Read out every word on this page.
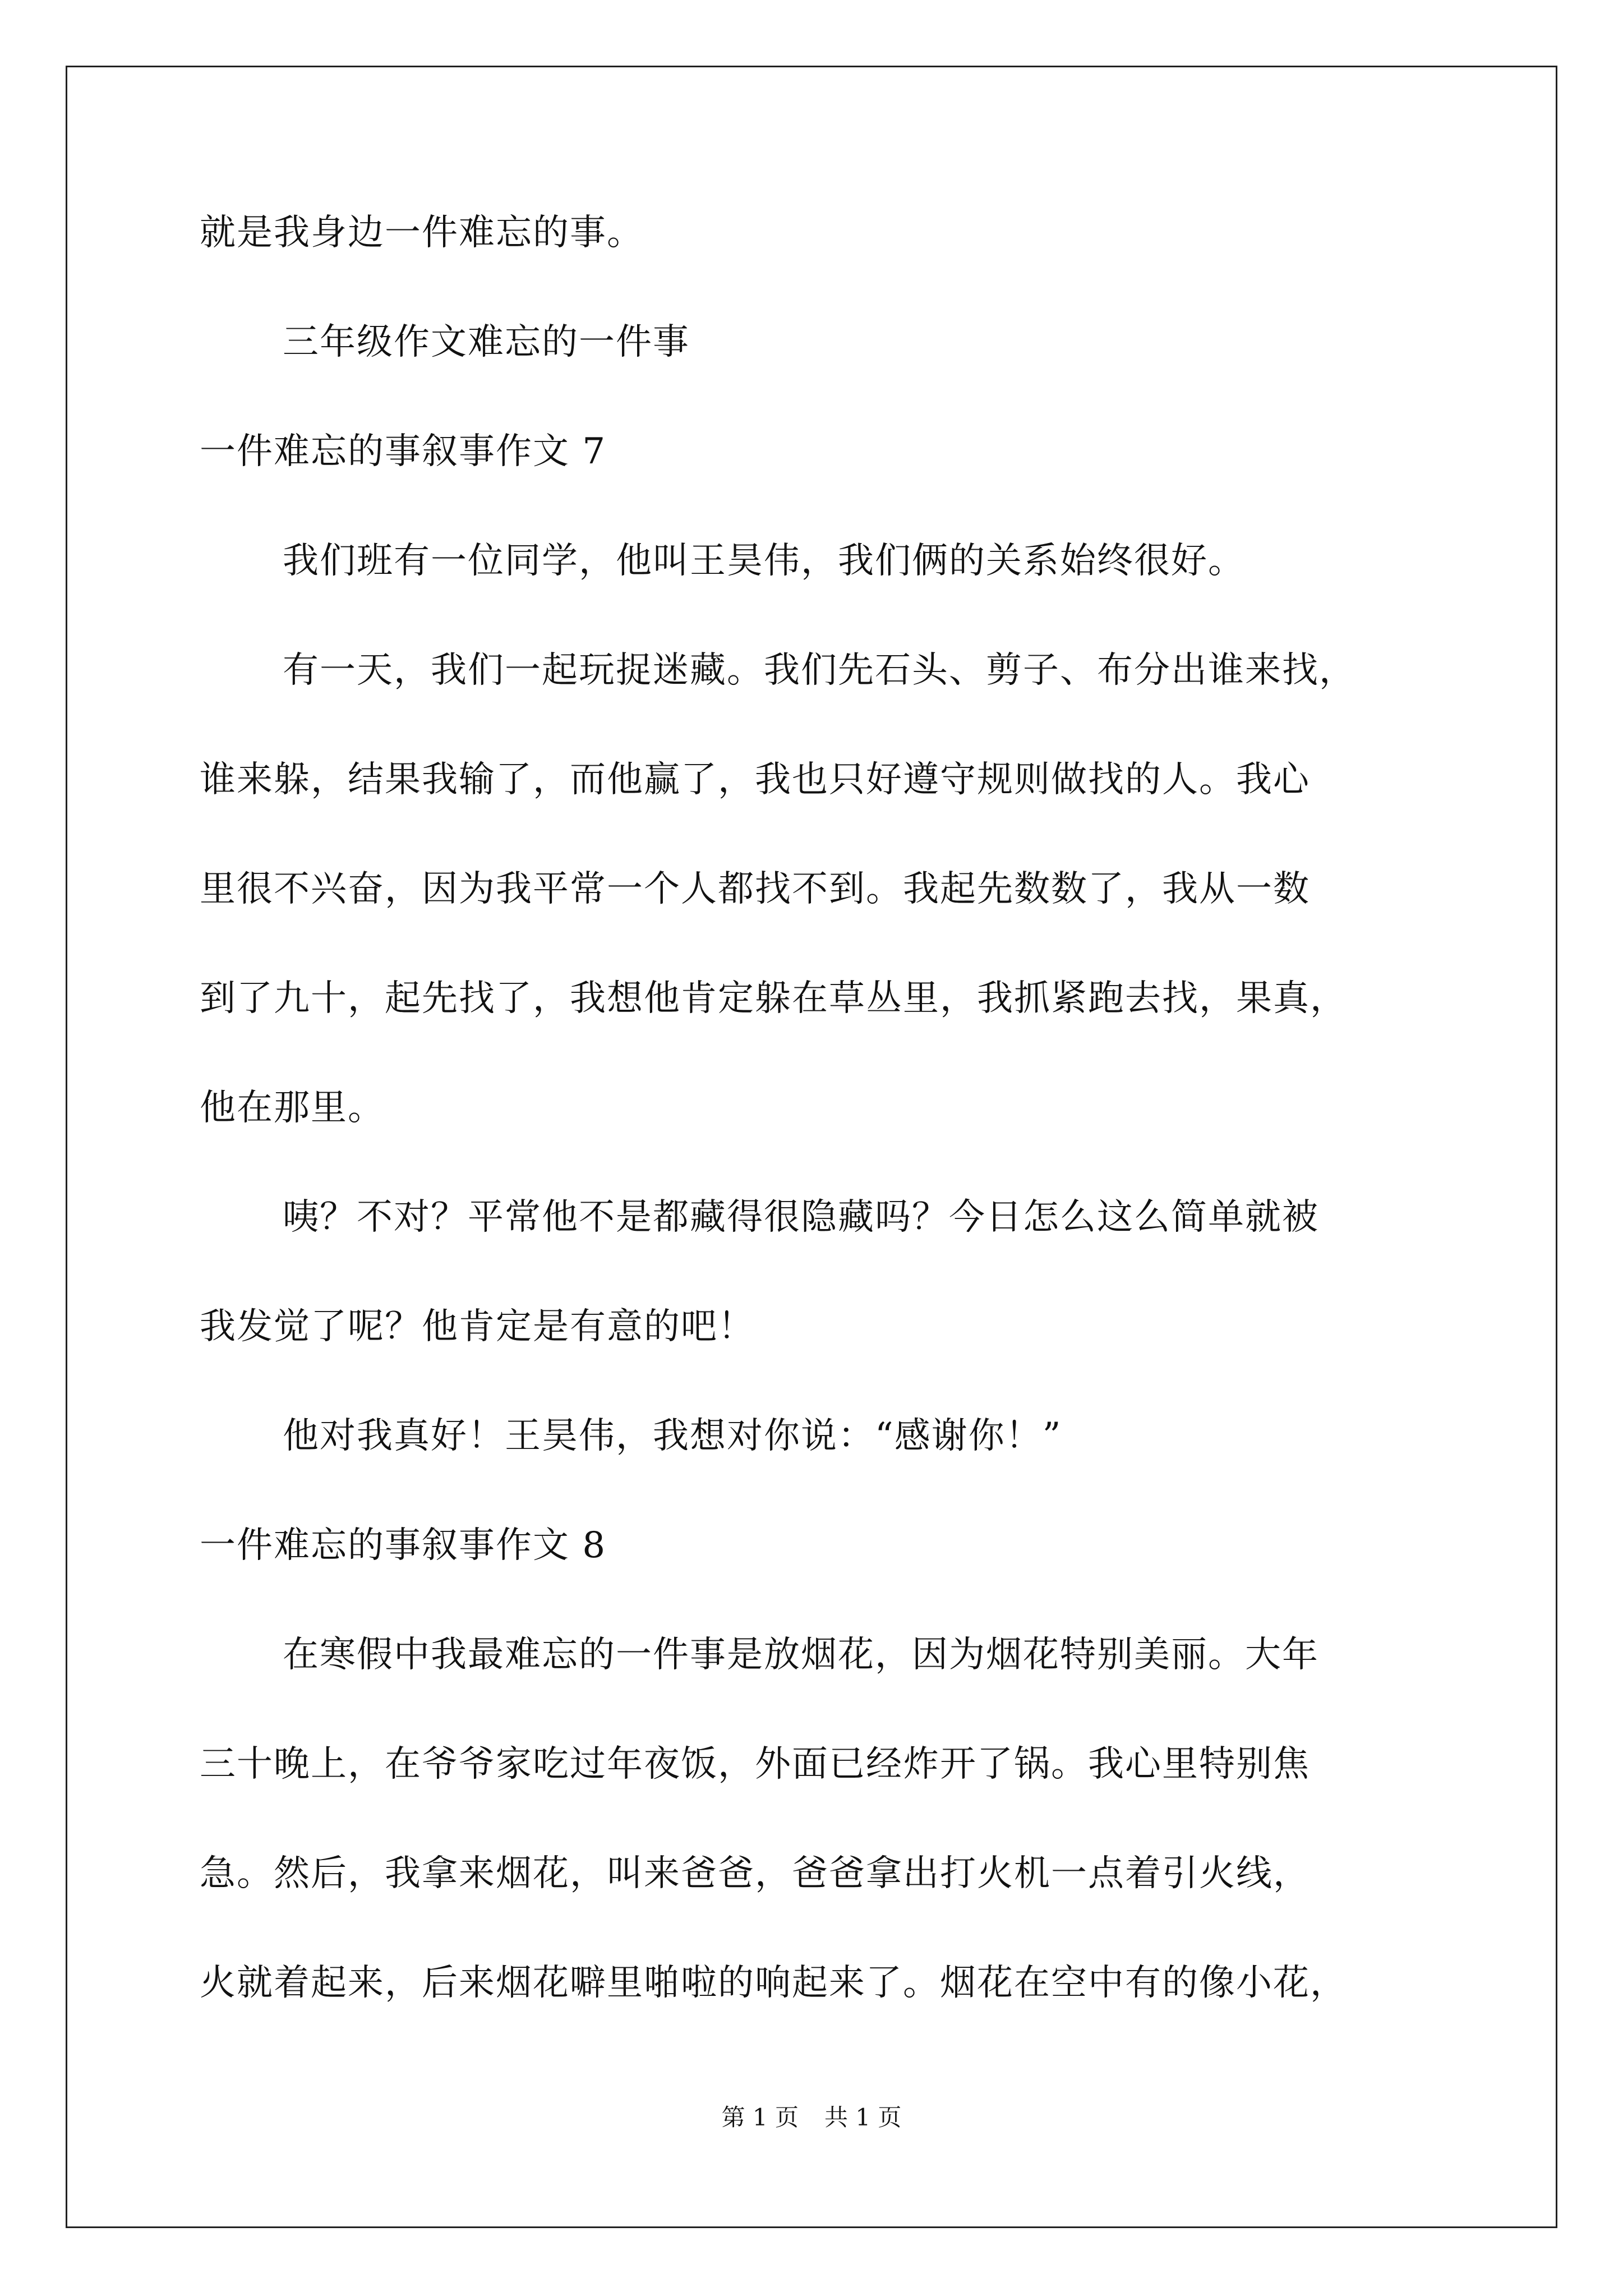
就是我身边一件难忘的事。
三年级作文难忘的一件事
一件难忘的事叙事作文 7
我们班有一位同学，他叫王昊伟，我们俩的关系始终很好。
有一天，我们一起玩捉迷藏。我们先石头、剪子、布分出谁来找，
谁来躲，结果我输了，而他赢了，我也只好遵守规则做找的人。我心
里很不兴奋，因为我平常一个人都找不到。我起先数数了，我从一数
到了九十，起先找了，我想他肯定躲在草丛里，我抓紧跑去找，果真，
他在那里。
咦？不对？平常他不是都藏得很隐藏吗？今日怎么这么简单就被
我发觉了呢？他肯定是有意的吧！
他对我真好！王昊伟，我想对你说：“感谢你！”
一件难忘的事叙事作文 8
在寒假中我最难忘的一件事是放烟花，因为烟花特别美丽。大年
三十晚上，在爷爷家吃过年夜饭，外面已经炸开了锅。我心里特别焦
急。然后，我拿来烟花，叫来爸爸，爸爸拿出打火机一点着引火线，
火就着起来，后来烟花噼里啪啦的响起来了。烟花在空中有的像小花，
第 1 页 共 1 页
